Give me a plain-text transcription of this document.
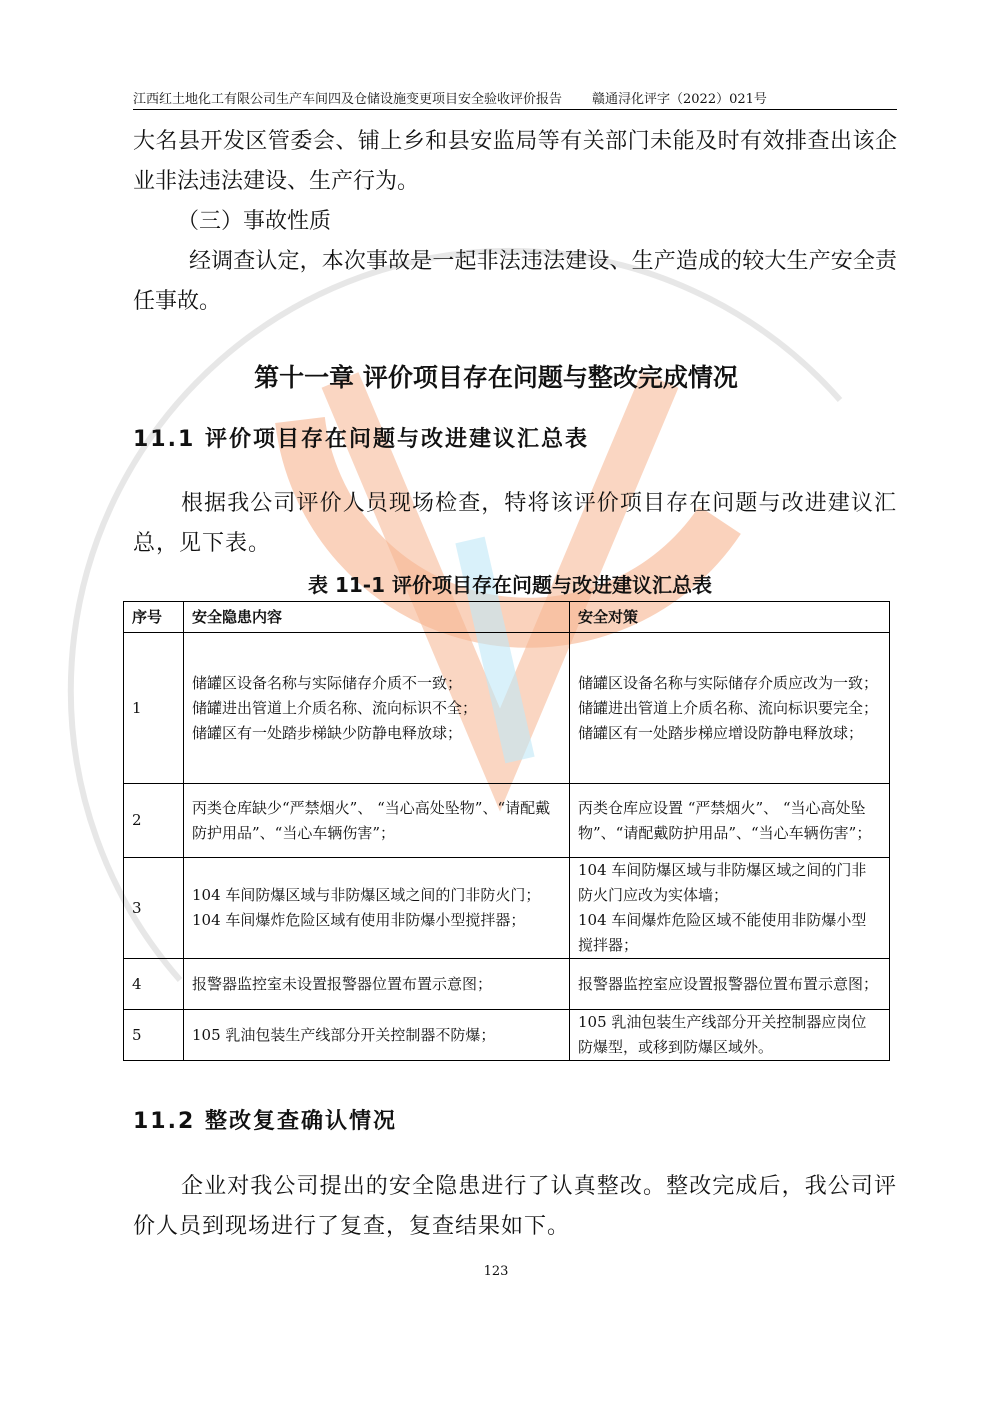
江西红土地化工有限公司生产车间四及仓储设施变更项目安全验收评价报告 赣通浔化评字（2022）021号
大名县开发区管委会、铺上乡和县安监局等有关部门未能及时有效排查出该企业非法违法建设、生产行为。
（三）事故性质
经调查认定，本次事故是一起非法违法建设、生产造成的较大生产安全责任事故。
第十一章 评价项目存在问题与整改完成情况
11.1 评价项目存在问题与改进建议汇总表
根据我公司评价人员现场检查，特将该评价项目存在问题与改进建议汇总，见下表。
表 11-1 评价项目存在问题与改进建议汇总表
序号	安全隐患内容	安全对策
1	储罐区设备名称与实际储存介质不一致；
储罐进出管道上介质名称、流向标识不全；
储罐区有一处踏步梯缺少防静电释放球；	储罐区设备名称与实际储存介质应改为一致；
储罐进出管道上介质名称、流向标识要完全；
储罐区有一处踏步梯应增设防静电释放球；
2	丙类仓库缺少“严禁烟火”、 “当心高处坠物”、“请配戴防护用品”、“当心车辆伤害”；	丙类仓库应设置 “严禁烟火”、 “当心高处坠物”、“请配戴防护用品”、“当心车辆伤害”；
3	104 车间防爆区域与非防爆区域之间的门非防火门；
104 车间爆炸危险区域有使用非防爆小型搅拌器；	104 车间防爆区域与非防爆区域之间的门非防火门应改为实体墙；
104 车间爆炸危险区域不能使用非防爆小型搅拌器；
4	报警器监控室未设置报警器位置布置示意图；	报警器监控室应设置报警器位置布置示意图；
5	105 乳油包装生产线部分开关控制器不防爆；	105 乳油包装生产线部分开关控制器应岗位防爆型，或移到防爆区域外。
11.2 整改复查确认情况
企业对我公司提出的安全隐患进行了认真整改。整改完成后，我公司评价人员到现场进行了复查，复查结果如下。
123
